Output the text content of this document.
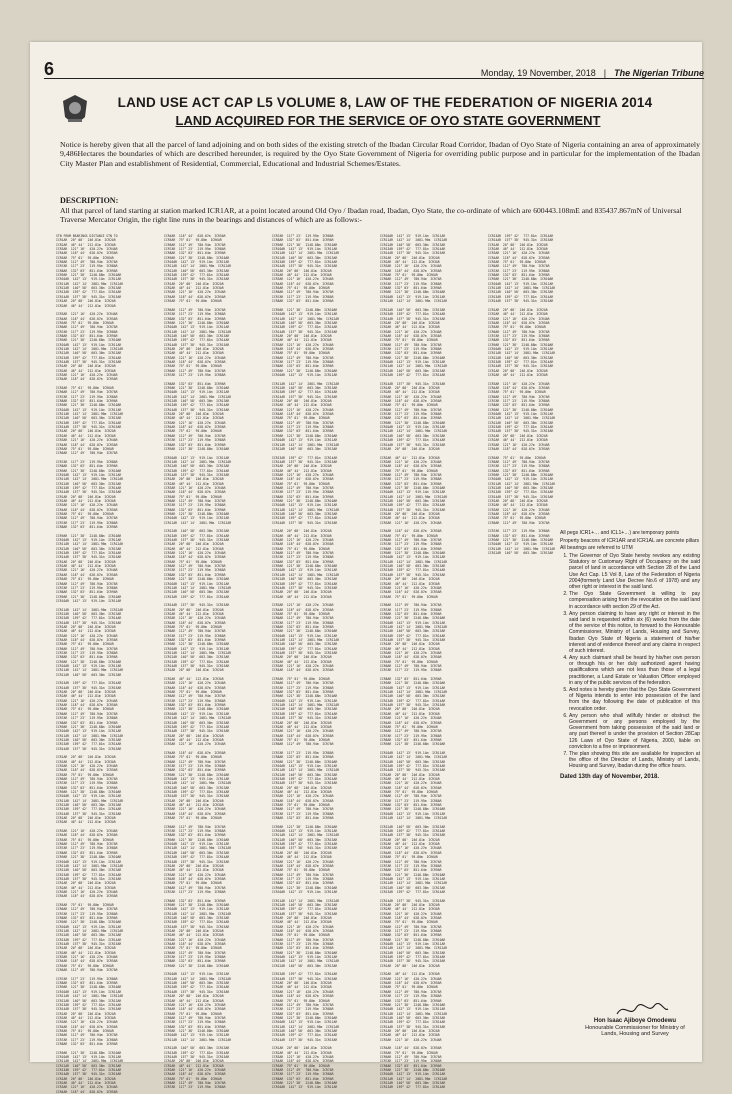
6	Monday, 19 November, 2018 | The Nigerian Tribune
LAND USE ACT CAP L5 VOLUME 8, LAW OF THE FEDERATION OF NIGERIA 2014
LAND ACQUIRED FOR THE SERVICE OF OYO STATE GOVERNMENT
Notice is hereby given that all the parcel of land adjoining and on both sides of the existing stretch of the Ibadan Circular Road Corridor, Ibadan of Oyo State of Nigeria containing an area of approximately 9,486Hectares the boundaries of which are described hereunder, is required by the Oyo State Government of Nigeria for overriding public purpose and in particular for the implementation of the Ibadan City Master Plan and establishment of Residential, Commercial, Educational and Industrial Schemes/Estates.
DESCRIPTION:
All that parcel of land starting at station marked ICR1AR, at a point located around Old Oyo / Ibadan road, Ibadan, Oyo State, the co-ordinate of which are 600443.108mE and 835437.867mN of Universal Traverse Mercator Origin, the right line runs in the bearings and distances of which are as follows:-
STN FROM BEARINGS DISTANCE STN TO
ICR1AR  20° 08'  246.81m  ICR2AR
ICR2AR  46° 44'  212.81m  ICR3AR
ICR3AR  121° 16'  420.27m  ICR4AR
ICR4AR  118° 44'  628.07m  ICR5AR
ICR5AR  75° 01'  95.80m  ICR6AR
ICR6AR  112° 49'  780.94m  ICR7AR
ICR7AR  117° 23'  219.95m  ICR8AR
ICR8AR  132° 03'  851.64m  ICR9AR
ICR9AR  121° 38'  2248.88m  ICR10AR
ICR10AR  142° 13'  919.14m  ICR11AR
ICR11AR  142° 14'  2081.96m  ICR12AR
ICR12AR  140° 58'  603.36m  ICR13AR
ICR13AR  159° 42'  777.81m  ICR14AR
ICR14AR  157° 38'  945.31m  ICR15AR
ICR1AR  20° 08'  246.81m  ICR2AR
ICR2AR  46° 44'  212.81m  ICR3AR

ICR3AR  121° 16'  420.27m  ICR4AR
ICR4AR  118° 44'  628.07m  ICR5AR
ICR5AR  75° 01'  95.80m  ICR6AR
ICR6AR  112° 49'  780.94m  ICR7AR
ICR7AR  117° 23'  219.95m  ICR8AR
ICR8AR  132° 03'  851.64m  ICR9AR
ICR9AR  121° 38'  2248.88m  ICR10AR
ICR10AR  142° 13'  919.14m  ICR11AR
ICR11AR  142° 14'  2081.96m  ICR12AR
ICR12AR  140° 58'  603.36m  ICR13AR
ICR13AR  159° 42'  777.81m  ICR14AR
ICR14AR  157° 38'  945.31m  ICR15AR
ICR1AR  20° 08'  246.81m  ICR2AR
ICR2AR  46° 44'  212.81m  ICR3AR
ICR3AR  121° 16'  420.27m  ICR4AR
ICR4AR  118° 44'  628.07m  ICR5AR

ICR5AR  75° 01'  95.80m  ICR6AR
ICR6AR  112° 49'  780.94m  ICR7AR
ICR7AR  117° 23'  219.95m  ICR8AR
ICR8AR  132° 03'  851.64m  ICR9AR
ICR9AR  121° 38'  2248.88m  ICR10AR
ICR10AR  142° 13'  919.14m  ICR11AR
ICR11AR  142° 14'  2081.96m  ICR12AR
ICR12AR  140° 58'  603.36m  ICR13AR
ICR13AR  159° 42'  777.81m  ICR14AR
ICR14AR  157° 38'  945.31m  ICR15AR
ICR1AR  20° 08'  246.81m  ICR2AR
ICR2AR  46° 44'  212.81m  ICR3AR
ICR3AR  121° 16'  420.27m  ICR4AR
ICR4AR  118° 44'  628.07m  ICR5AR
ICR5AR  75° 01'  95.80m  ICR6AR
ICR6AR  112° 49'  780.94m  ICR7AR

ICR7AR  117° 23'  219.95m  ICR8AR
ICR8AR  132° 03'  851.64m  ICR9AR
ICR9AR  121° 38'  2248.88m  ICR10AR
ICR10AR  142° 13'  919.14m  ICR11AR
ICR11AR  142° 14'  2081.96m  ICR12AR
ICR12AR  140° 58'  603.36m  ICR13AR
ICR13AR  159° 42'  777.81m  ICR14AR
ICR14AR  157° 38'  945.31m  ICR15AR
ICR1AR  20° 08'  246.81m  ICR2AR
ICR2AR  46° 44'  212.81m  ICR3AR
ICR3AR  121° 16'  420.27m  ICR4AR
ICR4AR  118° 44'  628.07m  ICR5AR
ICR5AR  75° 01'  95.80m  ICR6AR
ICR6AR  112° 49'  780.94m  ICR7AR
ICR7AR  117° 23'  219.95m  ICR8AR
ICR8AR  132° 03'  851.64m  ICR9AR

ICR9AR  121° 38'  2248.88m  ICR10AR
ICR10AR  142° 13'  919.14m  ICR11AR
ICR11AR  142° 14'  2081.96m  ICR12AR
ICR12AR  140° 58'  603.36m  ICR13AR
ICR13AR  159° 42'  777.81m  ICR14AR
ICR14AR  157° 38'  945.31m  ICR15AR
ICR1AR  20° 08'  246.81m  ICR2AR
ICR2AR  46° 44'  212.81m  ICR3AR
ICR3AR  121° 16'  420.27m  ICR4AR
ICR4AR  118° 44'  628.07m  ICR5AR
ICR5AR  75° 01'  95.80m  ICR6AR
ICR6AR  112° 49'  780.94m  ICR7AR
ICR7AR  117° 23'  219.95m  ICR8AR
ICR8AR  132° 03'  851.64m  ICR9AR
ICR9AR  121° 38'  2248.88m  ICR10AR
ICR10AR  142° 13'  919.14m  ICR11AR

ICR11AR  142° 14'  2081.96m  ICR12AR
ICR12AR  140° 58'  603.36m  ICR13AR
ICR13AR  159° 42'  777.81m  ICR14AR
ICR14AR  157° 38'  945.31m  ICR15AR
ICR1AR  20° 08'  246.81m  ICR2AR
ICR2AR  46° 44'  212.81m  ICR3AR
ICR3AR  121° 16'  420.27m  ICR4AR
ICR4AR  118° 44'  628.07m  ICR5AR
ICR5AR  75° 01'  95.80m  ICR6AR
ICR6AR  112° 49'  780.94m  ICR7AR
ICR7AR  117° 23'  219.95m  ICR8AR
ICR8AR  132° 03'  851.64m  ICR9AR
ICR9AR  121° 38'  2248.88m  ICR10AR
ICR10AR  142° 13'  919.14m  ICR11AR
ICR11AR  142° 14'  2081.96m  ICR12AR
ICR12AR  140° 58'  603.36m  ICR13AR

ICR13AR  159° 42'  777.81m  ICR14AR
ICR14AR  157° 38'  945.31m  ICR15AR
ICR1AR  20° 08'  246.81m  ICR2AR
ICR2AR  46° 44'  212.81m  ICR3AR
ICR3AR  121° 16'  420.27m  ICR4AR
ICR4AR  118° 44'  628.07m  ICR5AR
ICR5AR  75° 01'  95.80m  ICR6AR
ICR6AR  112° 49'  780.94m  ICR7AR
ICR7AR  117° 23'  219.95m  ICR8AR
ICR8AR  132° 03'  851.64m  ICR9AR
ICR9AR  121° 38'  2248.88m  ICR10AR
ICR10AR  142° 13'  919.14m  ICR11AR
ICR11AR  142° 14'  2081.96m  ICR12AR
ICR12AR  140° 58'  603.36m  ICR13AR
ICR13AR  159° 42'  777.81m  ICR14AR
ICR14AR  157° 38'  945.31m  ICR15AR

ICR1AR  20° 08'  246.81m  ICR2AR
ICR2AR  46° 44'  212.81m  ICR3AR
ICR3AR  121° 16'  420.27m  ICR4AR
ICR4AR  118° 44'  628.07m  ICR5AR
ICR5AR  75° 01'  95.80m  ICR6AR
ICR6AR  112° 49'  780.94m  ICR7AR
ICR7AR  117° 23'  219.95m  ICR8AR
ICR8AR  132° 03'  851.64m  ICR9AR
ICR9AR  121° 38'  2248.88m  ICR10AR
ICR10AR  142° 13'  919.14m  ICR11AR
ICR11AR  142° 14'  2081.96m  ICR12AR
ICR12AR  140° 58'  603.36m  ICR13AR
ICR13AR  159° 42'  777.81m  ICR14AR
ICR14AR  157° 38'  945.31m  ICR15AR
ICR1AR  20° 08'  246.81m  ICR2AR
ICR2AR  46° 44'  212.81m  ICR3AR

ICR3AR  121° 16'  420.27m  ICR4AR
ICR4AR  118° 44'  628.07m  ICR5AR
ICR5AR  75° 01'  95.80m  ICR6AR
ICR6AR  112° 49'  780.94m  ICR7AR
ICR7AR  117° 23'  219.95m  ICR8AR
ICR8AR  132° 03'  851.64m  ICR9AR
ICR9AR  121° 38'  2248.88m  ICR10AR
ICR10AR  142° 13'  919.14m  ICR11AR
ICR11AR  142° 14'  2081.96m  ICR12AR
ICR12AR  140° 58'  603.36m  ICR13AR
ICR13AR  159° 42'  777.81m  ICR14AR
ICR14AR  157° 38'  945.31m  ICR15AR
ICR1AR  20° 08'  246.81m  ICR2AR
ICR2AR  46° 44'  212.81m  ICR3AR
ICR3AR  121° 16'  420.27m  ICR4AR
ICR4AR  118° 44'  628.07m  ICR5AR

ICR5AR  75° 01'  95.80m  ICR6AR
ICR6AR  112° 49'  780.94m  ICR7AR
ICR7AR  117° 23'  219.95m  ICR8AR
ICR8AR  132° 03'  851.64m  ICR9AR
ICR9AR  121° 38'  2248.88m  ICR10AR
ICR10AR  142° 13'  919.14m  ICR11AR
ICR11AR  142° 14'  2081.96m  ICR12AR
ICR12AR  140° 58'  603.36m  ICR13AR
ICR13AR  159° 42'  777.81m  ICR14AR
ICR14AR  157° 38'  945.31m  ICR15AR
ICR1AR  20° 08'  246.81m  ICR2AR
ICR2AR  46° 44'  212.81m  ICR3AR
ICR3AR  121° 16'  420.27m  ICR4AR
ICR4AR  118° 44'  628.07m  ICR5AR
ICR5AR  75° 01'  95.80m  ICR6AR
ICR6AR  112° 49'  780.94m  ICR7AR

ICR7AR  117° 23'  219.95m  ICR8AR
ICR8AR  132° 03'  851.64m  ICR9AR
ICR9AR  121° 38'  2248.88m  ICR10AR
ICR10AR  142° 13'  919.14m  ICR11AR
ICR11AR  142° 14'  2081.96m  ICR12AR
ICR12AR  140° 58'  603.36m  ICR13AR
ICR13AR  159° 42'  777.81m  ICR14AR
ICR14AR  157° 38'  945.31m  ICR15AR
ICR1AR  20° 08'  246.81m  ICR2AR
ICR2AR  46° 44'  212.81m  ICR3AR
ICR3AR  121° 16'  420.27m  ICR4AR
ICR4AR  118° 44'  628.07m  ICR5AR
ICR5AR  75° 01'  95.80m  ICR6AR
ICR6AR  112° 49'  780.94m  ICR7AR
ICR7AR  117° 23'  219.95m  ICR8AR
ICR8AR  132° 03'  851.64m  ICR9AR

ICR9AR  121° 38'  2248.88m  ICR10AR
ICR10AR  142° 13'  919.14m  ICR11AR
ICR11AR  142° 14'  2081.96m  ICR12AR
ICR12AR  140° 58'  603.36m  ICR13AR
ICR13AR  159° 42'  777.81m  ICR14AR
ICR14AR  157° 38'  945.31m  ICR15AR
ICR1AR  20° 08'  246.81m  ICR2AR
ICR2AR  46° 44'  212.81m  ICR3AR
ICR3AR  121° 16'  420.27m  ICR4AR
ICR4AR  118° 44'  628.07m  ICR5AR
ICR4AR  118° 44'  628.07m  ICR5AR
ICR5AR  75° 01'  95.80m  ICR6AR
ICR6AR  112° 49'  780.94m  ICR7AR
ICR7AR  117° 23'  219.95m  ICR8AR
ICR8AR  132° 03'  851.64m  ICR9AR
ICR9AR  121° 38'  2248.88m  ICR10AR
ICR10AR  142° 13'  919.14m  ICR11AR
ICR11AR  142° 14'  2081.96m  ICR12AR
ICR12AR  140° 58'  603.36m  ICR13AR
ICR13AR  159° 42'  777.81m  ICR14AR
ICR14AR  157° 38'  945.31m  ICR15AR
ICR1AR  20° 08'  246.81m  ICR2AR
ICR2AR  46° 44'  212.81m  ICR3AR
ICR3AR  121° 16'  420.27m  ICR4AR
ICR4AR  118° 44'  628.07m  ICR5AR
ICR5AR  75° 01'  95.80m  ICR6AR

ICR6AR  112° 49'  780.94m  ICR7AR
ICR7AR  117° 23'  219.95m  ICR8AR
ICR8AR  132° 03'  851.64m  ICR9AR
ICR9AR  121° 38'  2248.88m  ICR10AR
ICR10AR  142° 13'  919.14m  ICR11AR
ICR11AR  142° 14'  2081.96m  ICR12AR
ICR12AR  140° 58'  603.36m  ICR13AR
ICR13AR  159° 42'  777.81m  ICR14AR
ICR14AR  157° 38'  945.31m  ICR15AR
ICR1AR  20° 08'  246.81m  ICR2AR
ICR2AR  46° 44'  212.81m  ICR3AR
ICR3AR  121° 16'  420.27m  ICR4AR
ICR4AR  118° 44'  628.07m  ICR5AR
ICR5AR  75° 01'  95.80m  ICR6AR
ICR6AR  112° 49'  780.94m  ICR7AR
ICR7AR  117° 23'  219.95m  ICR8AR

ICR8AR  132° 03'  851.64m  ICR9AR
ICR9AR  121° 38'  2248.88m  ICR10AR
ICR10AR  142° 13'  919.14m  ICR11AR
ICR11AR  142° 14'  2081.96m  ICR12AR
ICR12AR  140° 58'  603.36m  ICR13AR
ICR13AR  159° 42'  777.81m  ICR14AR
ICR14AR  157° 38'  945.31m  ICR15AR
ICR1AR  20° 08'  246.81m  ICR2AR
ICR2AR  46° 44'  212.81m  ICR3AR
ICR3AR  121° 16'  420.27m  ICR4AR
ICR4AR  118° 44'  628.07m  ICR5AR
ICR5AR  75° 01'  95.80m  ICR6AR
ICR6AR  112° 49'  780.94m  ICR7AR
ICR7AR  117° 23'  219.95m  ICR8AR
ICR8AR  132° 03'  851.64m  ICR9AR
ICR9AR  121° 38'  2248.88m  ICR10AR

ICR10AR  142° 13'  919.14m  ICR11AR
ICR11AR  142° 14'  2081.96m  ICR12AR
ICR12AR  140° 58'  603.36m  ICR13AR
ICR13AR  159° 42'  777.81m  ICR14AR
ICR14AR  157° 38'  945.31m  ICR15AR
ICR1AR  20° 08'  246.81m  ICR2AR
ICR2AR  46° 44'  212.81m  ICR3AR
ICR3AR  121° 16'  420.27m  ICR4AR
ICR4AR  118° 44'  628.07m  ICR5AR
ICR5AR  75° 01'  95.80m  ICR6AR
ICR6AR  112° 49'  780.94m  ICR7AR
ICR7AR  117° 23'  219.95m  ICR8AR
ICR8AR  132° 03'  851.64m  ICR9AR
ICR9AR  121° 38'  2248.88m  ICR10AR
ICR10AR  142° 13'  919.14m  ICR11AR
ICR11AR  142° 14'  2081.96m  ICR12AR

ICR12AR  140° 58'  603.36m  ICR13AR
ICR13AR  159° 42'  777.81m  ICR14AR
ICR14AR  157° 38'  945.31m  ICR15AR
ICR1AR  20° 08'  246.81m  ICR2AR
ICR2AR  46° 44'  212.81m  ICR3AR
ICR3AR  121° 16'  420.27m  ICR4AR
ICR4AR  118° 44'  628.07m  ICR5AR
ICR5AR  75° 01'  95.80m  ICR6AR
ICR6AR  112° 49'  780.94m  ICR7AR
ICR7AR  117° 23'  219.95m  ICR8AR
ICR8AR  132° 03'  851.64m  ICR9AR
ICR9AR  121° 38'  2248.88m  ICR10AR
ICR10AR  142° 13'  919.14m  ICR11AR
ICR11AR  142° 14'  2081.96m  ICR12AR
ICR12AR  140° 58'  603.36m  ICR13AR
ICR13AR  159° 42'  777.81m  ICR14AR

ICR14AR  157° 38'  945.31m  ICR15AR
ICR1AR  20° 08'  246.81m  ICR2AR
ICR2AR  46° 44'  212.81m  ICR3AR
ICR3AR  121° 16'  420.27m  ICR4AR
ICR4AR  118° 44'  628.07m  ICR5AR
ICR5AR  75° 01'  95.80m  ICR6AR
ICR6AR  112° 49'  780.94m  ICR7AR
ICR7AR  117° 23'  219.95m  ICR8AR
ICR8AR  132° 03'  851.64m  ICR9AR
ICR9AR  121° 38'  2248.88m  ICR10AR
ICR10AR  142° 13'  919.14m  ICR11AR
ICR11AR  142° 14'  2081.96m  ICR12AR
ICR12AR  140° 58'  603.36m  ICR13AR
ICR13AR  159° 42'  777.81m  ICR14AR
ICR14AR  157° 38'  945.31m  ICR15AR
ICR1AR  20° 08'  246.81m  ICR2AR

ICR2AR  46° 44'  212.81m  ICR3AR
ICR3AR  121° 16'  420.27m  ICR4AR
ICR4AR  118° 44'  628.07m  ICR5AR
ICR5AR  75° 01'  95.80m  ICR6AR
ICR6AR  112° 49'  780.94m  ICR7AR
ICR7AR  117° 23'  219.95m  ICR8AR
ICR8AR  132° 03'  851.64m  ICR9AR
ICR9AR  121° 38'  2248.88m  ICR10AR
ICR10AR  142° 13'  919.14m  ICR11AR
ICR11AR  142° 14'  2081.96m  ICR12AR
ICR12AR  140° 58'  603.36m  ICR13AR
ICR13AR  159° 42'  777.81m  ICR14AR
ICR14AR  157° 38'  945.31m  ICR15AR
ICR1AR  20° 08'  246.81m  ICR2AR
ICR2AR  46° 44'  212.81m  ICR3AR
ICR3AR  121° 16'  420.27m  ICR4AR

ICR4AR  118° 44'  628.07m  ICR5AR
ICR5AR  75° 01'  95.80m  ICR6AR
ICR6AR  112° 49'  780.94m  ICR7AR
ICR7AR  117° 23'  219.95m  ICR8AR
ICR8AR  132° 03'  851.64m  ICR9AR
ICR9AR  121° 38'  2248.88m  ICR10AR
ICR10AR  142° 13'  919.14m  ICR11AR
ICR11AR  142° 14'  2081.96m  ICR12AR
ICR12AR  140° 58'  603.36m  ICR13AR
ICR13AR  159° 42'  777.81m  ICR14AR
ICR14AR  157° 38'  945.31m  ICR15AR
ICR1AR  20° 08'  246.81m  ICR2AR
ICR2AR  46° 44'  212.81m  ICR3AR
ICR3AR  121° 16'  420.27m  ICR4AR
ICR4AR  118° 44'  628.07m  ICR5AR
ICR5AR  75° 01'  95.80m  ICR6AR

ICR6AR  112° 49'  780.94m  ICR7AR
ICR7AR  117° 23'  219.95m  ICR8AR
ICR8AR  132° 03'  851.64m  ICR9AR
ICR9AR  121° 38'  2248.88m  ICR10AR
ICR10AR  142° 13'  919.14m  ICR11AR
ICR11AR  142° 14'  2081.96m  ICR12AR
ICR12AR  140° 58'  603.36m  ICR13AR
ICR13AR  159° 42'  777.81m  ICR14AR
ICR14AR  157° 38'  945.31m  ICR15AR
ICR1AR  20° 08'  246.81m  ICR2AR
ICR2AR  46° 44'  212.81m  ICR3AR
ICR3AR  121° 16'  420.27m  ICR4AR
ICR4AR  118° 44'  628.07m  ICR5AR
ICR5AR  75° 01'  95.80m  ICR6AR
ICR6AR  112° 49'  780.94m  ICR7AR
ICR7AR  117° 23'  219.95m  ICR8AR

ICR8AR  132° 03'  851.64m  ICR9AR
ICR9AR  121° 38'  2248.88m  ICR10AR
ICR10AR  142° 13'  919.14m  ICR11AR
ICR11AR  142° 14'  2081.96m  ICR12AR
ICR12AR  140° 58'  603.36m  ICR13AR
ICR13AR  159° 42'  777.81m  ICR14AR
ICR14AR  157° 38'  945.31m  ICR15AR
ICR1AR  20° 08'  246.81m  ICR2AR
ICR2AR  46° 44'  212.81m  ICR3AR
ICR3AR  121° 16'  420.27m  ICR4AR
ICR4AR  118° 44'  628.07m  ICR5AR
ICR5AR  75° 01'  95.80m  ICR6AR
ICR6AR  112° 49'  780.94m  ICR7AR
ICR7AR  117° 23'  219.95m  ICR8AR
ICR8AR  132° 03'  851.64m  ICR9AR
ICR9AR  121° 38'  2248.88m  ICR10AR

ICR10AR  142° 13'  919.14m  ICR11AR
ICR11AR  142° 14'  2081.96m  ICR12AR
ICR12AR  140° 58'  603.36m  ICR13AR
ICR13AR  159° 42'  777.81m  ICR14AR
ICR14AR  157° 38'  945.31m  ICR15AR
ICR1AR  20° 08'  246.81m  ICR2AR
ICR2AR  46° 44'  212.81m  ICR3AR
ICR3AR  121° 16'  420.27m  ICR4AR
ICR4AR  118° 44'  628.07m  ICR5AR
ICR5AR  75° 01'  95.80m  ICR6AR
ICR6AR  112° 49'  780.94m  ICR7AR
ICR7AR  117° 23'  219.95m  ICR8AR
ICR8AR  132° 03'  851.64m  ICR9AR
ICR9AR  121° 38'  2248.88m  ICR10AR
ICR10AR  142° 13'  919.14m  ICR11AR
ICR11AR  142° 14'  2081.96m  ICR12AR

ICR12AR  140° 58'  603.36m  ICR13AR
ICR13AR  159° 42'  777.81m  ICR14AR
ICR14AR  157° 38'  945.31m  ICR15AR
ICR1AR  20° 08'  246.81m  ICR2AR
ICR2AR  46° 44'  212.81m  ICR3AR
ICR3AR  121° 16'  420.27m  ICR4AR
ICR4AR  118° 44'  628.07m  ICR5AR
ICR5AR  75° 01'  95.80m  ICR6AR
ICR6AR  112° 49'  780.94m  ICR7AR
ICR7AR  117° 23'  219.95m  ICR8AR
ICR7AR  117° 23'  219.95m  ICR8AR
ICR8AR  132° 03'  851.64m  ICR9AR
ICR9AR  121° 38'  2248.88m  ICR10AR
ICR10AR  142° 13'  919.14m  ICR11AR
ICR11AR  142° 14'  2081.96m  ICR12AR
ICR12AR  140° 58'  603.36m  ICR13AR
ICR13AR  159° 42'  777.81m  ICR14AR
ICR14AR  157° 38'  945.31m  ICR15AR
ICR1AR  20° 08'  246.81m  ICR2AR
ICR2AR  46° 44'  212.81m  ICR3AR
ICR3AR  121° 16'  420.27m  ICR4AR
ICR4AR  118° 44'  628.07m  ICR5AR
ICR5AR  75° 01'  95.80m  ICR6AR
ICR6AR  112° 49'  780.94m  ICR7AR
ICR7AR  117° 23'  219.95m  ICR8AR
ICR8AR  132° 03'  851.64m  ICR9AR

ICR9AR  121° 38'  2248.88m  ICR10AR
ICR10AR  142° 13'  919.14m  ICR11AR
ICR11AR  142° 14'  2081.96m  ICR12AR
ICR12AR  140° 58'  603.36m  ICR13AR
ICR13AR  159° 42'  777.81m  ICR14AR
ICR14AR  157° 38'  945.31m  ICR15AR
ICR1AR  20° 08'  246.81m  ICR2AR
ICR2AR  46° 44'  212.81m  ICR3AR
ICR3AR  121° 16'  420.27m  ICR4AR
ICR4AR  118° 44'  628.07m  ICR5AR
ICR5AR  75° 01'  95.80m  ICR6AR
ICR6AR  112° 49'  780.94m  ICR7AR
ICR7AR  117° 23'  219.95m  ICR8AR
ICR8AR  132° 03'  851.64m  ICR9AR
ICR9AR  121° 38'  2248.88m  ICR10AR
ICR10AR  142° 13'  919.14m  ICR11AR

ICR11AR  142° 14'  2081.96m  ICR12AR
ICR12AR  140° 58'  603.36m  ICR13AR
ICR13AR  159° 42'  777.81m  ICR14AR
ICR14AR  157° 38'  945.31m  ICR15AR
ICR1AR  20° 08'  246.81m  ICR2AR
ICR2AR  46° 44'  212.81m  ICR3AR
ICR3AR  121° 16'  420.27m  ICR4AR
ICR4AR  118° 44'  628.07m  ICR5AR
ICR5AR  75° 01'  95.80m  ICR6AR
ICR6AR  112° 49'  780.94m  ICR7AR
ICR7AR  117° 23'  219.95m  ICR8AR
ICR8AR  132° 03'  851.64m  ICR9AR
ICR9AR  121° 38'  2248.88m  ICR10AR
ICR10AR  142° 13'  919.14m  ICR11AR
ICR11AR  142° 14'  2081.96m  ICR12AR
ICR12AR  140° 58'  603.36m  ICR13AR

ICR13AR  159° 42'  777.81m  ICR14AR
ICR14AR  157° 38'  945.31m  ICR15AR
ICR1AR  20° 08'  246.81m  ICR2AR
ICR2AR  46° 44'  212.81m  ICR3AR
ICR3AR  121° 16'  420.27m  ICR4AR
ICR4AR  118° 44'  628.07m  ICR5AR
ICR5AR  75° 01'  95.80m  ICR6AR
ICR6AR  112° 49'  780.94m  ICR7AR
ICR7AR  117° 23'  219.95m  ICR8AR
ICR8AR  132° 03'  851.64m  ICR9AR
ICR9AR  121° 38'  2248.88m  ICR10AR
ICR10AR  142° 13'  919.14m  ICR11AR
ICR11AR  142° 14'  2081.96m  ICR12AR
ICR12AR  140° 58'  603.36m  ICR13AR
ICR13AR  159° 42'  777.81m  ICR14AR
ICR14AR  157° 38'  945.31m  ICR15AR

ICR1AR  20° 08'  246.81m  ICR2AR
ICR2AR  46° 44'  212.81m  ICR3AR
ICR3AR  121° 16'  420.27m  ICR4AR
ICR4AR  118° 44'  628.07m  ICR5AR
ICR5AR  75° 01'  95.80m  ICR6AR
ICR6AR  112° 49'  780.94m  ICR7AR
ICR7AR  117° 23'  219.95m  ICR8AR
ICR8AR  132° 03'  851.64m  ICR9AR
ICR9AR  121° 38'  2248.88m  ICR10AR
ICR10AR  142° 13'  919.14m  ICR11AR
ICR11AR  142° 14'  2081.96m  ICR12AR
ICR12AR  140° 58'  603.36m  ICR13AR
ICR13AR  159° 42'  777.81m  ICR14AR
ICR14AR  157° 38'  945.31m  ICR15AR
ICR1AR  20° 08'  246.81m  ICR2AR
ICR2AR  46° 44'  212.81m  ICR3AR

ICR3AR  121° 16'  420.27m  ICR4AR
ICR4AR  118° 44'  628.07m  ICR5AR
ICR5AR  75° 01'  95.80m  ICR6AR
ICR6AR  112° 49'  780.94m  ICR7AR
ICR7AR  117° 23'  219.95m  ICR8AR
ICR8AR  132° 03'  851.64m  ICR9AR
ICR9AR  121° 38'  2248.88m  ICR10AR
ICR10AR  142° 13'  919.14m  ICR11AR
ICR11AR  142° 14'  2081.96m  ICR12AR
ICR12AR  140° 58'  603.36m  ICR13AR
ICR13AR  159° 42'  777.81m  ICR14AR
ICR14AR  157° 38'  945.31m  ICR15AR
ICR1AR  20° 08'  246.81m  ICR2AR
ICR2AR  46° 44'  212.81m  ICR3AR
ICR3AR  121° 16'  420.27m  ICR4AR
ICR4AR  118° 44'  628.07m  ICR5AR

ICR5AR  75° 01'  95.80m  ICR6AR
ICR6AR  112° 49'  780.94m  ICR7AR
ICR7AR  117° 23'  219.95m  ICR8AR
ICR8AR  132° 03'  851.64m  ICR9AR
ICR9AR  121° 38'  2248.88m  ICR10AR
ICR10AR  142° 13'  919.14m  ICR11AR
ICR11AR  142° 14'  2081.96m  ICR12AR
ICR12AR  140° 58'  603.36m  ICR13AR
ICR13AR  159° 42'  777.81m  ICR14AR
ICR14AR  157° 38'  945.31m  ICR15AR
ICR1AR  20° 08'  246.81m  ICR2AR
ICR2AR  46° 44'  212.81m  ICR3AR
ICR3AR  121° 16'  420.27m  ICR4AR
ICR4AR  118° 44'  628.07m  ICR5AR
ICR5AR  75° 01'  95.80m  ICR6AR
ICR6AR  112° 49'  780.94m  ICR7AR

ICR7AR  117° 23'  219.95m  ICR8AR
ICR8AR  132° 03'  851.64m  ICR9AR
ICR9AR  121° 38'  2248.88m  ICR10AR
ICR10AR  142° 13'  919.14m  ICR11AR
ICR11AR  142° 14'  2081.96m  ICR12AR
ICR12AR  140° 58'  603.36m  ICR13AR
ICR13AR  159° 42'  777.81m  ICR14AR
ICR14AR  157° 38'  945.31m  ICR15AR
ICR1AR  20° 08'  246.81m  ICR2AR
ICR2AR  46° 44'  212.81m  ICR3AR
ICR3AR  121° 16'  420.27m  ICR4AR
ICR4AR  118° 44'  628.07m  ICR5AR
ICR5AR  75° 01'  95.80m  ICR6AR
ICR6AR  112° 49'  780.94m  ICR7AR
ICR7AR  117° 23'  219.95m  ICR8AR
ICR8AR  132° 03'  851.64m  ICR9AR

ICR9AR  121° 38'  2248.88m  ICR10AR
ICR10AR  142° 13'  919.14m  ICR11AR
ICR11AR  142° 14'  2081.96m  ICR12AR
ICR12AR  140° 58'  603.36m  ICR13AR
ICR13AR  159° 42'  777.81m  ICR14AR
ICR14AR  157° 38'  945.31m  ICR15AR
ICR1AR  20° 08'  246.81m  ICR2AR
ICR2AR  46° 44'  212.81m  ICR3AR
ICR3AR  121° 16'  420.27m  ICR4AR
ICR4AR  118° 44'  628.07m  ICR5AR
ICR5AR  75° 01'  95.80m  ICR6AR
ICR6AR  112° 49'  780.94m  ICR7AR
ICR7AR  117° 23'  219.95m  ICR8AR
ICR8AR  132° 03'  851.64m  ICR9AR
ICR9AR  121° 38'  2248.88m  ICR10AR
ICR10AR  142° 13'  919.14m  ICR11AR

ICR11AR  142° 14'  2081.96m  ICR12AR
ICR12AR  140° 58'  603.36m  ICR13AR
ICR13AR  159° 42'  777.81m  ICR14AR
ICR14AR  157° 38'  945.31m  ICR15AR
ICR1AR  20° 08'  246.81m  ICR2AR
ICR2AR  46° 44'  212.81m  ICR3AR
ICR3AR  121° 16'  420.27m  ICR4AR
ICR4AR  118° 44'  628.07m  ICR5AR
ICR5AR  75° 01'  95.80m  ICR6AR
ICR6AR  112° 49'  780.94m  ICR7AR
ICR7AR  117° 23'  219.95m  ICR8AR
ICR8AR  132° 03'  851.64m  ICR9AR
ICR9AR  121° 38'  2248.88m  ICR10AR
ICR10AR  142° 13'  919.14m  ICR11AR
ICR11AR  142° 14'  2081.96m  ICR12AR
ICR12AR  140° 58'  603.36m  ICR13AR

ICR13AR  159° 42'  777.81m  ICR14AR
ICR14AR  157° 38'  945.31m  ICR15AR
ICR1AR  20° 08'  246.81m  ICR2AR
ICR2AR  46° 44'  212.81m  ICR3AR
ICR3AR  121° 16'  420.27m  ICR4AR
ICR4AR  118° 44'  628.07m  ICR5AR
ICR5AR  75° 01'  95.80m  ICR6AR
ICR6AR  112° 49'  780.94m  ICR7AR
ICR7AR  117° 23'  219.95m  ICR8AR
ICR8AR  132° 03'  851.64m  ICR9AR
ICR9AR  121° 38'  2248.88m  ICR10AR
ICR10AR  142° 13'  919.14m  ICR11AR
ICR11AR  142° 14'  2081.96m  ICR12AR
ICR12AR  140° 58'  603.36m  ICR13AR
ICR13AR  159° 42'  777.81m  ICR14AR
ICR14AR  157° 38'  945.31m  ICR15AR

ICR1AR  20° 08'  246.81m  ICR2AR
ICR2AR  46° 44'  212.81m  ICR3AR
ICR3AR  121° 16'  420.27m  ICR4AR
ICR4AR  118° 44'  628.07m  ICR5AR
ICR5AR  75° 01'  95.80m  ICR6AR
ICR6AR  112° 49'  780.94m  ICR7AR
ICR7AR  117° 23'  219.95m  ICR8AR
ICR8AR  132° 03'  851.64m  ICR9AR
ICR9AR  121° 38'  2248.88m  ICR10AR
ICR10AR  142° 13'  919.14m  ICR11AR
ICR10AR  142° 13'  919.14m  ICR11AR
ICR11AR  142° 14'  2081.96m  ICR12AR
ICR12AR  140° 58'  603.36m  ICR13AR
ICR13AR  159° 42'  777.81m  ICR14AR
ICR14AR  157° 38'  945.31m  ICR15AR
ICR1AR  20° 08'  246.81m  ICR2AR
ICR2AR  46° 44'  212.81m  ICR3AR
ICR3AR  121° 16'  420.27m  ICR4AR
ICR4AR  118° 44'  628.07m  ICR5AR
ICR5AR  75° 01'  95.80m  ICR6AR
ICR6AR  112° 49'  780.94m  ICR7AR
ICR7AR  117° 23'  219.95m  ICR8AR
ICR8AR  132° 03'  851.64m  ICR9AR
ICR9AR  121° 38'  2248.88m  ICR10AR
ICR10AR  142° 13'  919.14m  ICR11AR
ICR11AR  142° 14'  2081.96m  ICR12AR

ICR12AR  140° 58'  603.36m  ICR13AR
ICR13AR  159° 42'  777.81m  ICR14AR
ICR14AR  157° 38'  945.31m  ICR15AR
ICR1AR  20° 08'  246.81m  ICR2AR
ICR2AR  46° 44'  212.81m  ICR3AR
ICR3AR  121° 16'  420.27m  ICR4AR
ICR4AR  118° 44'  628.07m  ICR5AR
ICR5AR  75° 01'  95.80m  ICR6AR
ICR6AR  112° 49'  780.94m  ICR7AR
ICR7AR  117° 23'  219.95m  ICR8AR
ICR8AR  132° 03'  851.64m  ICR9AR
ICR9AR  121° 38'  2248.88m  ICR10AR
ICR10AR  142° 13'  919.14m  ICR11AR
ICR11AR  142° 14'  2081.96m  ICR12AR
ICR12AR  140° 58'  603.36m  ICR13AR
ICR13AR  159° 42'  777.81m  ICR14AR

ICR14AR  157° 38'  945.31m  ICR15AR
ICR1AR  20° 08'  246.81m  ICR2AR
ICR2AR  46° 44'  212.81m  ICR3AR
ICR3AR  121° 16'  420.27m  ICR4AR
ICR4AR  118° 44'  628.07m  ICR5AR
ICR5AR  75° 01'  95.80m  ICR6AR
ICR6AR  112° 49'  780.94m  ICR7AR
ICR7AR  117° 23'  219.95m  ICR8AR
ICR8AR  132° 03'  851.64m  ICR9AR
ICR9AR  121° 38'  2248.88m  ICR10AR
ICR10AR  142° 13'  919.14m  ICR11AR
ICR11AR  142° 14'  2081.96m  ICR12AR
ICR12AR  140° 58'  603.36m  ICR13AR
ICR13AR  159° 42'  777.81m  ICR14AR
ICR14AR  157° 38'  945.31m  ICR15AR
ICR1AR  20° 08'  246.81m  ICR2AR

ICR2AR  46° 44'  212.81m  ICR3AR
ICR3AR  121° 16'  420.27m  ICR4AR
ICR4AR  118° 44'  628.07m  ICR5AR
ICR5AR  75° 01'  95.80m  ICR6AR
ICR6AR  112° 49'  780.94m  ICR7AR
ICR7AR  117° 23'  219.95m  ICR8AR
ICR8AR  132° 03'  851.64m  ICR9AR
ICR9AR  121° 38'  2248.88m  ICR10AR
ICR10AR  142° 13'  919.14m  ICR11AR
ICR11AR  142° 14'  2081.96m  ICR12AR
ICR12AR  140° 58'  603.36m  ICR13AR
ICR13AR  159° 42'  777.81m  ICR14AR
ICR14AR  157° 38'  945.31m  ICR15AR
ICR1AR  20° 08'  246.81m  ICR2AR
ICR2AR  46° 44'  212.81m  ICR3AR
ICR3AR  121° 16'  420.27m  ICR4AR

ICR4AR  118° 44'  628.07m  ICR5AR
ICR5AR  75° 01'  95.80m  ICR6AR
ICR6AR  112° 49'  780.94m  ICR7AR
ICR7AR  117° 23'  219.95m  ICR8AR
ICR8AR  132° 03'  851.64m  ICR9AR
ICR9AR  121° 38'  2248.88m  ICR10AR
ICR10AR  142° 13'  919.14m  ICR11AR
ICR11AR  142° 14'  2081.96m  ICR12AR
ICR12AR  140° 58'  603.36m  ICR13AR
ICR13AR  159° 42'  777.81m  ICR14AR
ICR14AR  157° 38'  945.31m  ICR15AR
ICR1AR  20° 08'  246.81m  ICR2AR
ICR2AR  46° 44'  212.81m  ICR3AR
ICR3AR  121° 16'  420.27m  ICR4AR
ICR4AR  118° 44'  628.07m  ICR5AR
ICR5AR  75° 01'  95.80m  ICR6AR

ICR6AR  112° 49'  780.94m  ICR7AR
ICR7AR  117° 23'  219.95m  ICR8AR
ICR8AR  132° 03'  851.64m  ICR9AR
ICR9AR  121° 38'  2248.88m  ICR10AR
ICR10AR  142° 13'  919.14m  ICR11AR
ICR11AR  142° 14'  2081.96m  ICR12AR
ICR12AR  140° 58'  603.36m  ICR13AR
ICR13AR  159° 42'  777.81m  ICR14AR
ICR14AR  157° 38'  945.31m  ICR15AR
ICR1AR  20° 08'  246.81m  ICR2AR
ICR2AR  46° 44'  212.81m  ICR3AR
ICR3AR  121° 16'  420.27m  ICR4AR
ICR4AR  118° 44'  628.07m  ICR5AR
ICR5AR  75° 01'  95.80m  ICR6AR
ICR6AR  112° 49'  780.94m  ICR7AR
ICR7AR  117° 23'  219.95m  ICR8AR

ICR8AR  132° 03'  851.64m  ICR9AR
ICR9AR  121° 38'  2248.88m  ICR10AR
ICR10AR  142° 13'  919.14m  ICR11AR
ICR11AR  142° 14'  2081.96m  ICR12AR
ICR12AR  140° 58'  603.36m  ICR13AR
ICR13AR  159° 42'  777.81m  ICR14AR
ICR14AR  157° 38'  945.31m  ICR15AR
ICR1AR  20° 08'  246.81m  ICR2AR
ICR2AR  46° 44'  212.81m  ICR3AR
ICR3AR  121° 16'  420.27m  ICR4AR
ICR4AR  118° 44'  628.07m  ICR5AR
ICR5AR  75° 01'  95.80m  ICR6AR
ICR6AR  112° 49'  780.94m  ICR7AR
ICR7AR  117° 23'  219.95m  ICR8AR
ICR8AR  132° 03'  851.64m  ICR9AR
ICR9AR  121° 38'  2248.88m  ICR10AR

ICR10AR  142° 13'  919.14m  ICR11AR
ICR11AR  142° 14'  2081.96m  ICR12AR
ICR12AR  140° 58'  603.36m  ICR13AR
ICR13AR  159° 42'  777.81m  ICR14AR
ICR14AR  157° 38'  945.31m  ICR15AR
ICR1AR  20° 08'  246.81m  ICR2AR
ICR2AR  46° 44'  212.81m  ICR3AR
ICR3AR  121° 16'  420.27m  ICR4AR
ICR4AR  118° 44'  628.07m  ICR5AR
ICR5AR  75° 01'  95.80m  ICR6AR
ICR6AR  112° 49'  780.94m  ICR7AR
ICR7AR  117° 23'  219.95m  ICR8AR
ICR8AR  132° 03'  851.64m  ICR9AR
ICR9AR  121° 38'  2248.88m  ICR10AR
ICR10AR  142° 13'  919.14m  ICR11AR
ICR11AR  142° 14'  2081.96m  ICR12AR

ICR12AR  140° 58'  603.36m  ICR13AR
ICR13AR  159° 42'  777.81m  ICR14AR
ICR14AR  157° 38'  945.31m  ICR15AR
ICR1AR  20° 08'  246.81m  ICR2AR
ICR2AR  46° 44'  212.81m  ICR3AR
ICR3AR  121° 16'  420.27m  ICR4AR
ICR4AR  118° 44'  628.07m  ICR5AR
ICR5AR  75° 01'  95.80m  ICR6AR
ICR6AR  112° 49'  780.94m  ICR7AR
ICR7AR  117° 23'  219.95m  ICR8AR
ICR8AR  132° 03'  851.64m  ICR9AR
ICR9AR  121° 38'  2248.88m  ICR10AR
ICR10AR  142° 13'  919.14m  ICR11AR
ICR11AR  142° 14'  2081.96m  ICR12AR
ICR12AR  140° 58'  603.36m  ICR13AR
ICR13AR  159° 42'  777.81m  ICR14AR

ICR14AR  157° 38'  945.31m  ICR15AR
ICR1AR  20° 08'  246.81m  ICR2AR
ICR2AR  46° 44'  212.81m  ICR3AR
ICR3AR  121° 16'  420.27m  ICR4AR
ICR4AR  118° 44'  628.07m  ICR5AR
ICR5AR  75° 01'  95.80m  ICR6AR
ICR6AR  112° 49'  780.94m  ICR7AR
ICR7AR  117° 23'  219.95m  ICR8AR
ICR8AR  132° 03'  851.64m  ICR9AR
ICR9AR  121° 38'  2248.88m  ICR10AR
ICR10AR  142° 13'  919.14m  ICR11AR
ICR11AR  142° 14'  2081.96m  ICR12AR
ICR12AR  140° 58'  603.36m  ICR13AR
ICR13AR  159° 42'  777.81m  ICR14AR
ICR14AR  157° 38'  945.31m  ICR15AR
ICR1AR  20° 08'  246.81m  ICR2AR

ICR2AR  46° 44'  212.81m  ICR3AR
ICR3AR  121° 16'  420.27m  ICR4AR
ICR4AR  118° 44'  628.07m  ICR5AR
ICR5AR  75° 01'  95.80m  ICR6AR
ICR6AR  112° 49'  780.94m  ICR7AR
ICR7AR  117° 23'  219.95m  ICR8AR
ICR8AR  132° 03'  851.64m  ICR9AR
ICR9AR  121° 38'  2248.88m  ICR10AR
ICR10AR  142° 13'  919.14m  ICR11AR
ICR11AR  142° 14'  2081.96m  ICR12AR
ICR12AR  140° 58'  603.36m  ICR13AR
ICR13AR  159° 42'  777.81m  ICR14AR
ICR14AR  157° 38'  945.31m  ICR15AR
ICR1AR  20° 08'  246.81m  ICR2AR
ICR2AR  46° 44'  212.81m  ICR3AR
ICR3AR  121° 16'  420.27m  ICR4AR

ICR4AR  118° 44'  628.07m  ICR5AR
ICR5AR  75° 01'  95.80m  ICR6AR
ICR6AR  112° 49'  780.94m  ICR7AR
ICR7AR  117° 23'  219.95m  ICR8AR
ICR8AR  132° 03'  851.64m  ICR9AR
ICR9AR  121° 38'  2248.88m  ICR10AR
ICR10AR  142° 13'  919.14m  ICR11AR
ICR11AR  142° 14'  2081.96m  ICR12AR
ICR12AR  140° 58'  603.36m  ICR13AR
ICR13AR  159° 42'  777.81m  ICR14AR
ICR13AR  159° 42'  777.81m  ICR14AR
ICR14AR  157° 38'  945.31m  ICR15AR
ICR1AR  20° 08'  246.81m  ICR2AR
ICR2AR  46° 44'  212.81m  ICR3AR
ICR3AR  121° 16'  420.27m  ICR4AR
ICR4AR  118° 44'  628.07m  ICR5AR
ICR5AR  75° 01'  95.80m  ICR6AR
ICR6AR  112° 49'  780.94m  ICR7AR
ICR7AR  117° 23'  219.95m  ICR8AR
ICR8AR  132° 03'  851.64m  ICR9AR
ICR9AR  121° 38'  2248.88m  ICR10AR
ICR10AR  142° 13'  919.14m  ICR11AR
ICR11AR  142° 14'  2081.96m  ICR12AR
ICR12AR  140° 58'  603.36m  ICR13AR
ICR13AR  159° 42'  777.81m  ICR14AR
ICR14AR  157° 38'  945.31m  ICR15AR

ICR1AR  20° 08'  246.81m  ICR2AR
ICR2AR  46° 44'  212.81m  ICR3AR
ICR3AR  121° 16'  420.27m  ICR4AR
ICR4AR  118° 44'  628.07m  ICR5AR
ICR5AR  75° 01'  95.80m  ICR6AR
ICR6AR  112° 49'  780.94m  ICR7AR
ICR7AR  117° 23'  219.95m  ICR8AR
ICR8AR  132° 03'  851.64m  ICR9AR
ICR9AR  121° 38'  2248.88m  ICR10AR
ICR10AR  142° 13'  919.14m  ICR11AR
ICR11AR  142° 14'  2081.96m  ICR12AR
ICR12AR  140° 58'  603.36m  ICR13AR
ICR13AR  159° 42'  777.81m  ICR14AR
ICR14AR  157° 38'  945.31m  ICR15AR
ICR1AR  20° 08'  246.81m  ICR2AR
ICR2AR  46° 44'  212.81m  ICR3AR

ICR3AR  121° 16'  420.27m  ICR4AR
ICR4AR  118° 44'  628.07m  ICR5AR
ICR5AR  75° 01'  95.80m  ICR6AR
ICR6AR  112° 49'  780.94m  ICR7AR
ICR7AR  117° 23'  219.95m  ICR8AR
ICR8AR  132° 03'  851.64m  ICR9AR
ICR9AR  121° 38'  2248.88m  ICR10AR
ICR10AR  142° 13'  919.14m  ICR11AR
ICR11AR  142° 14'  2081.96m  ICR12AR
ICR12AR  140° 58'  603.36m  ICR13AR
ICR13AR  159° 42'  777.81m  ICR14AR
ICR14AR  157° 38'  945.31m  ICR15AR
ICR1AR  20° 08'  246.81m  ICR2AR
ICR2AR  46° 44'  212.81m  ICR3AR
ICR3AR  121° 16'  420.27m  ICR4AR
ICR4AR  118° 44'  628.07m  ICR5AR

ICR5AR  75° 01'  95.80m  ICR6AR
ICR6AR  112° 49'  780.94m  ICR7AR
ICR7AR  117° 23'  219.95m  ICR8AR
ICR8AR  132° 03'  851.64m  ICR9AR
ICR9AR  121° 38'  2248.88m  ICR10AR
ICR10AR  142° 13'  919.14m  ICR11AR
ICR11AR  142° 14'  2081.96m  ICR12AR
ICR12AR  140° 58'  603.36m  ICR13AR
ICR13AR  159° 42'  777.81m  ICR14AR
ICR14AR  157° 38'  945.31m  ICR15AR
ICR1AR  20° 08'  246.81m  ICR2AR
ICR2AR  46° 44'  212.81m  ICR3AR
ICR3AR  121° 16'  420.27m  ICR4AR
ICR4AR  118° 44'  628.07m  ICR5AR
ICR5AR  75° 01'  95.80m  ICR6AR
ICR6AR  112° 49'  780.94m  ICR7AR

ICR7AR  117° 23'  219.95m  ICR8AR
ICR8AR  132° 03'  851.64m  ICR9AR
ICR9AR  121° 38'  2248.88m  ICR10AR
ICR10AR  142° 13'  919.14m  ICR11AR
ICR11AR  142° 14'  2081.96m  ICR12AR
ICR12AR  140° 58'  603.36m  ICR13AR

All pegs ICR1+… and ICL1+…) are temporary points

Property beacons of ICR1AR and ICR1AL are concrete pillars

All bearings are referred to UTM

1. The Governor of Oyo State hereby revokes any existing Statutory or Customary Right of Occupancy on the said parcel of land in accordance with Section 28 of the Land Use Act Cap. L5 Vol 8, Law of the Federation of Nigeria 2004(formerly Land Use Decree No.6 of 1978) and any other right or interest in the said land.
2. The Oyo State Government is willing to pay compensation arising from the revocation on the said land in accordance with section 29 of the Act.
3. Any person claiming to have any right or interest in the said land is requested within six (6) weeks from the date of the service of this notice, to forward to the Honourable Commissioner, Ministry of Lands, Housing and Survey, Ibadan Oyo State of Nigeria a statement of his/her interest and of evidence thereof and any claims in respect of such interest.
4. Any such claimant shall be heard by his/her own person or through his or her duly authorized agent having qualifications which are not less than those of a legal practitioner, a Land Estate or Valuation Officer employed in any of the public services of the federation.
5. And notes is hereby given that the Oyo State Government of Nigeria intends to enter into possession of the land from the day following the date of publication of this revocation order.
6. Any person who shall willfully hinder or obstruct the Government or any persons employed by the Government from taking possession of the said land or any part thereof is under the provision of Section 28Cap 126 Laws of Oyo State of Nigeria, 2000, liable on conviction to a fine or imprisonment.
7. The plan showing this site are available for inspection at the office of the Director of Lands, Ministry of Lands, Housing and Survey, Ibadan during the office hours.
Dated 13th day of November, 2018.
Hon Isaac Ajiboye Omodewu
Honourable Commissioner for Ministry of
Lands, Housing and Survey
